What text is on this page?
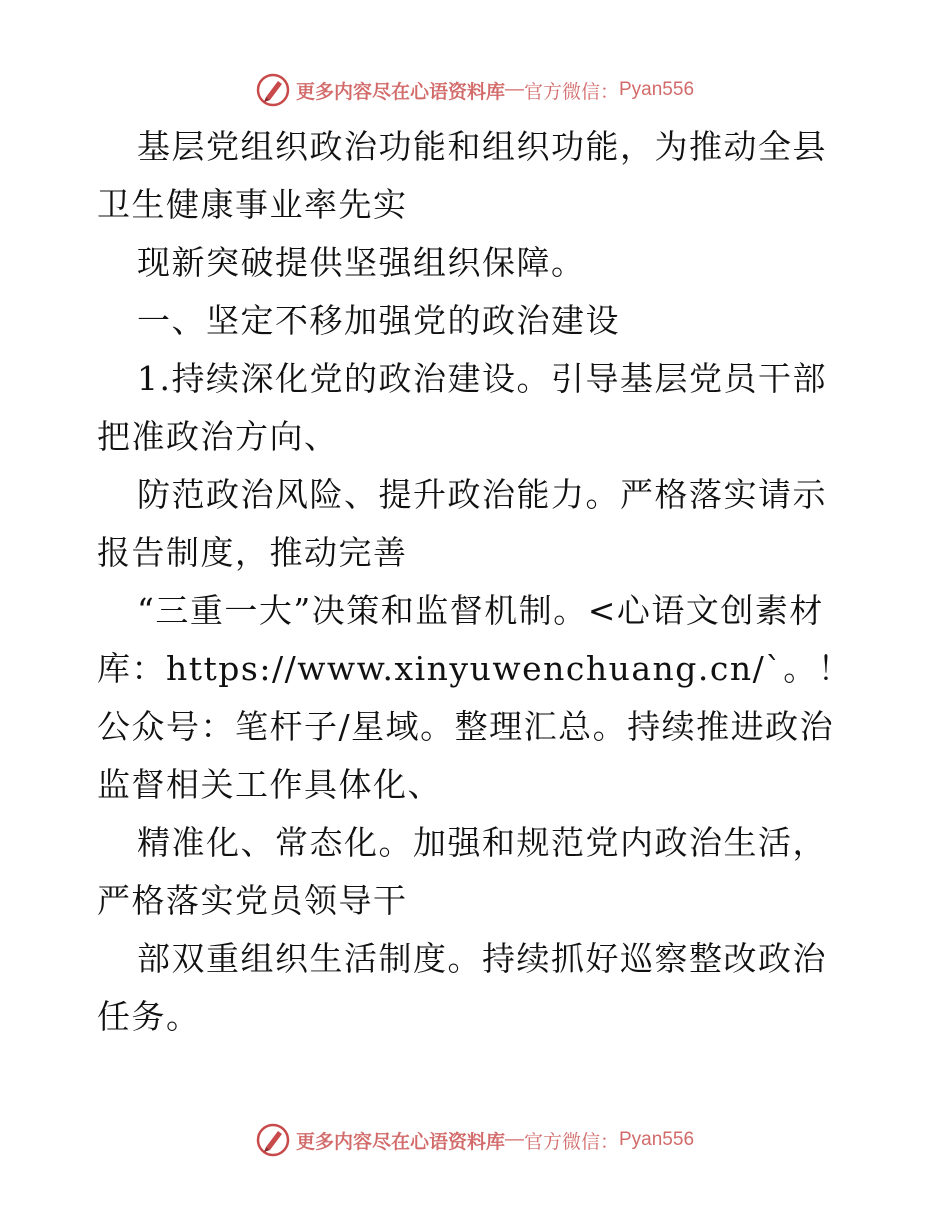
更多内容尽在心语资料库 — 官方微信： Pyan556

基层党组织政治功能和组织功能，为推动全县卫生健康事业率先实

现新突破提供坚强组织保障。

一、坚定不移加强党的政治建设

1.持续深化党的政治建设。引导基层党员干部把准政治方向、

防范政治风险、提升政治能力。严格落实请示报告制度，推动完善

“三重一大”决策和监督机制。<心语文创素材库：https://www.xinyuwenchuang.cn/`。！公众号：笔杆子/星域。整理汇总。持续推进政治监督相关工作具体化、

精准化、常态化。加强和规范党内政治生活，严格落实党员领导干

部双重组织生活制度。持续抓好巡察整改政治任务。

更多内容尽在心语资料库 — 官方微信： Pyan556
